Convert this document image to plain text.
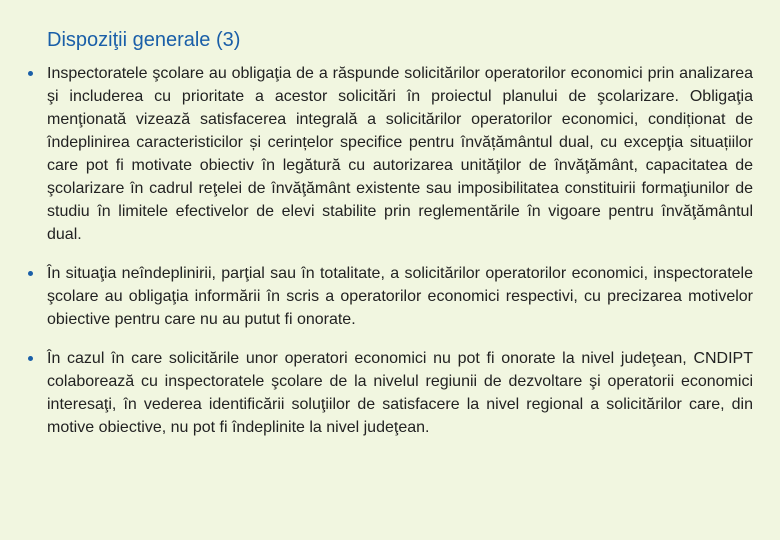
Dispoziţii generale (3)
Inspectoratele şcolare au obligaţia de a răspunde solicitărilor operatorilor economici prin analizarea şi includerea cu prioritate a acestor solicitări în proiectul planului de şcolarizare. Obligaţia menţionată vizează satisfacerea integrală a solicitărilor operatorilor economici, condiționat de îndeplinirea caracteristicilor și cerințelor specifice pentru învățământul dual, cu excepţia situațiilor care pot fi motivate obiectiv în legătură cu autorizarea unităţilor de învăţământ, capacitatea de şcolarizare în cadrul reţelei de învăţământ existente sau imposibilitatea constituirii formaţiunilor de studiu în limitele efectivelor de elevi stabilite prin reglementările în vigoare pentru învăţământul dual.
În situaţia neîndeplinirii, parţial sau în totalitate, a solicitărilor operatorilor economici, inspectoratele şcolare au obligaţia informării în scris a operatorilor economici respectivi, cu precizarea motivelor obiective pentru care nu au putut fi onorate.
În cazul în care solicitările unor operatori economici nu pot fi onorate la nivel judeţean, CNDIPT colaborează cu inspectoratele şcolare de la nivelul regiunii de dezvoltare şi operatorii economici interesaţi, în vederea identificării soluţiilor de satisfacere la nivel regional a solicitărilor care, din motive obiective, nu pot fi îndeplinite la nivel judeţean.
